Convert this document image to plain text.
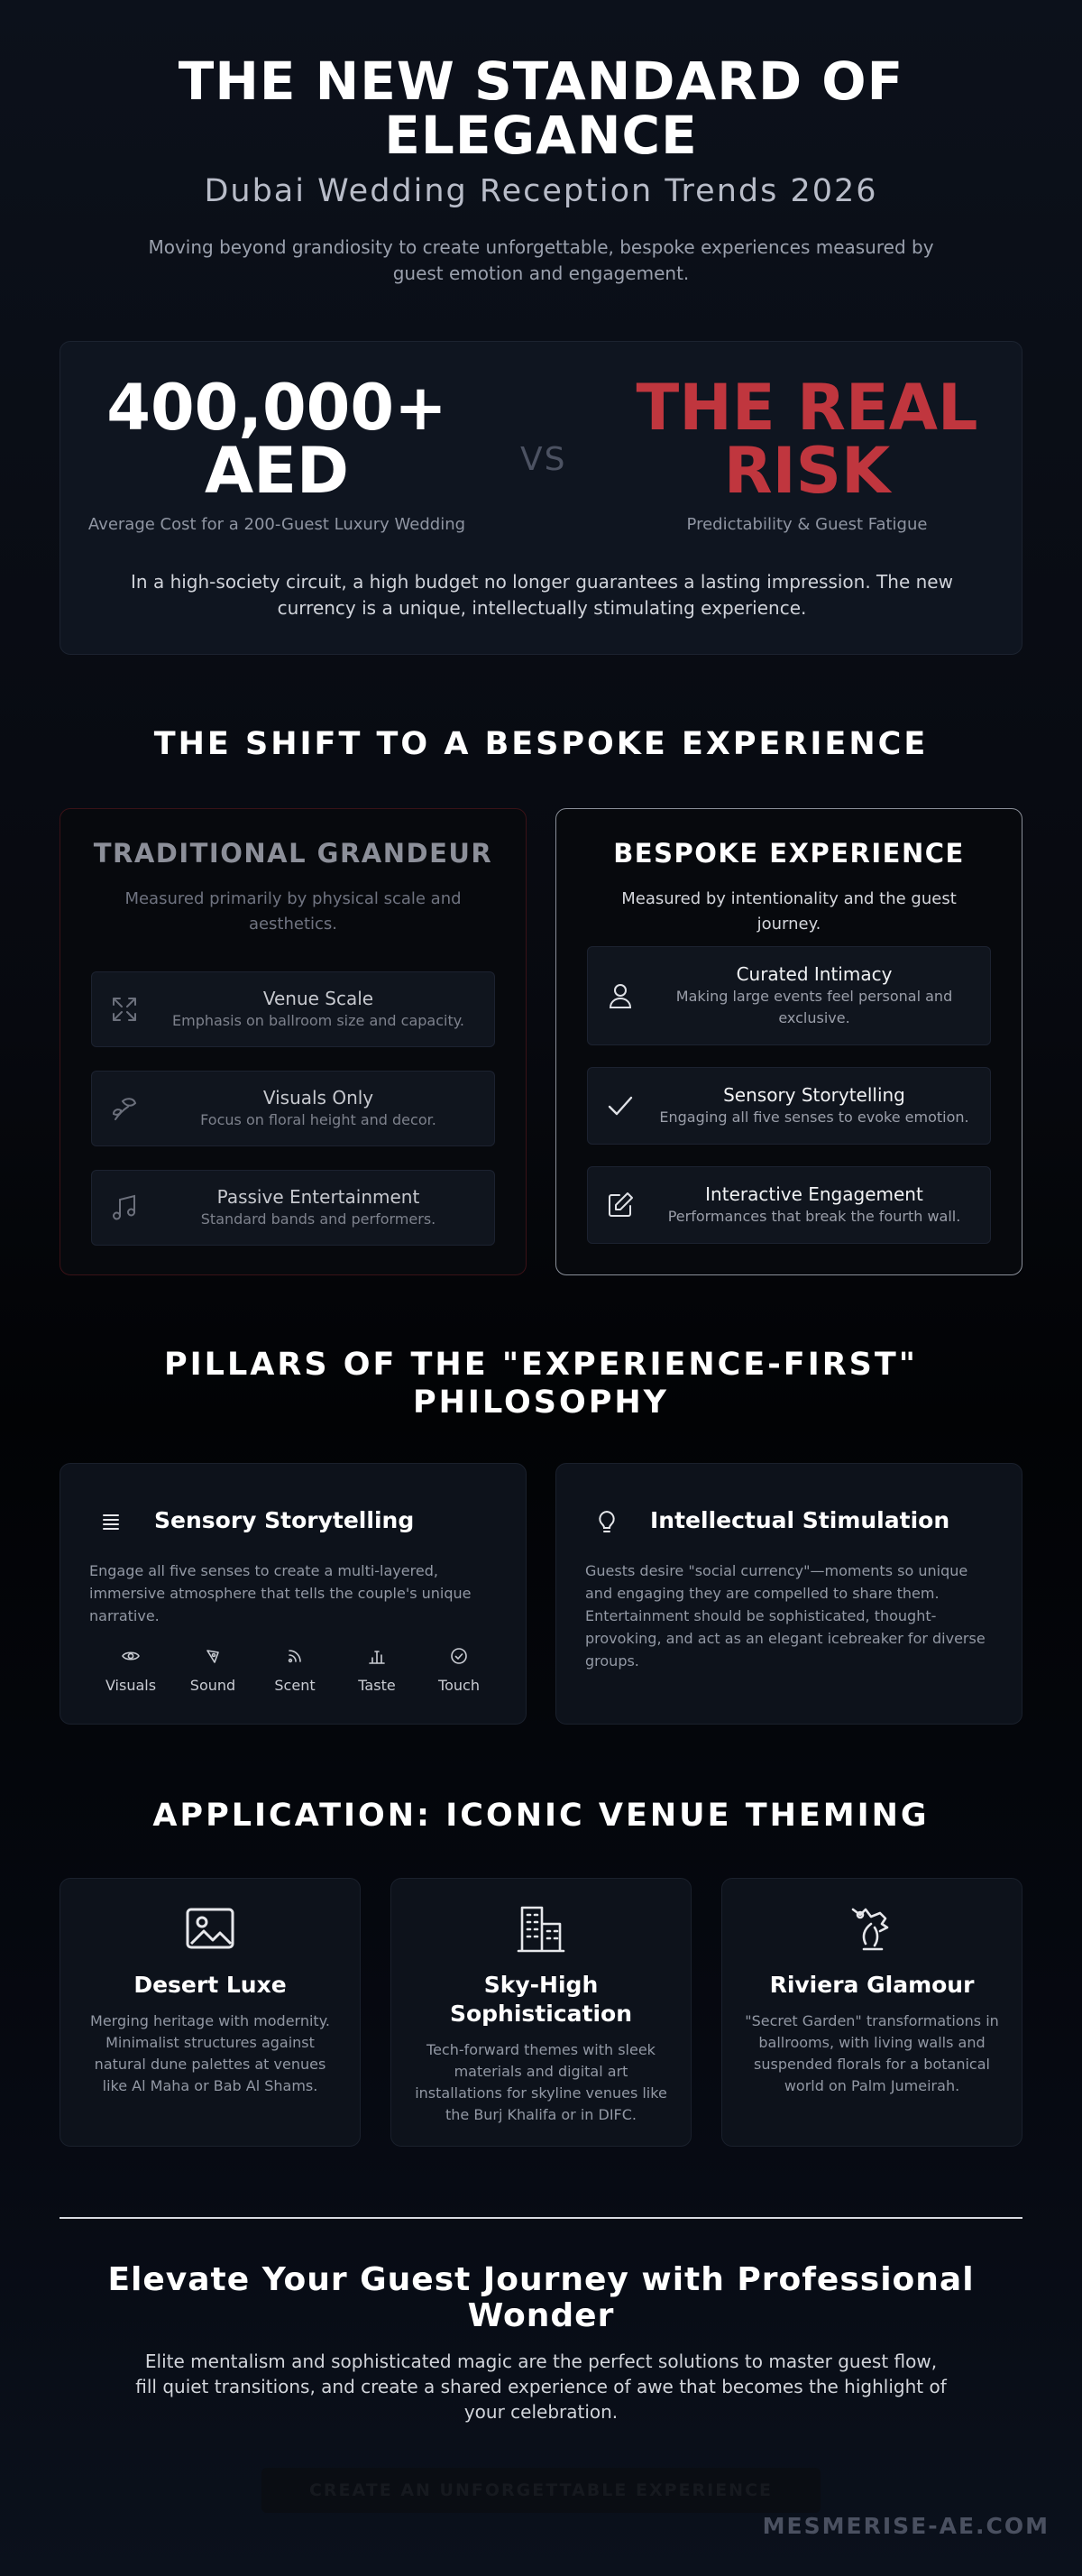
THE NEW STANDARD OF
ELEGANCE
Dubai Wedding Reception Trends 2026

Moving beyond grandiosity to create unforgettable, bespoke experiences measured by guest emotion and engagement.

400,000+
AED
Average Cost for a 200-Guest Luxury Wedding
VS
THE REAL
RISK
Predictability & Guest Fatigue

In a high-society circuit, a high budget no longer guarantees a lasting impression. The new currency is a unique, intellectually stimulating experience.

THE SHIFT TO A BESPOKE EXPERIENCE
TRADITIONAL GRANDEUR

Measured primarily by physical scale and aesthetics.

Venue Scale
Emphasis on ballroom size and capacity.
Visuals Only
Focus on floral height and decor.
Passive Entertainment
Standard bands and performers.
BESPOKE EXPERIENCE

Measured by intentionality and the guest journey.

Curated Intimacy
Making large events feel personal and exclusive.
Sensory Storytelling
Engaging all five senses to evoke emotion.
Interactive Engagement
Performances that break the fourth wall.
PILLARS OF THE "EXPERIENCE-FIRST"
PHILOSOPHY
Sensory Storytelling

Engage all five senses to create a multi-layered, immersive atmosphere that tells the couple's unique narrative.

Visuals	Sound	Scent	Taste	Touch
Intellectual Stimulation

Guests desire "social currency"—moments so unique and engaging they are compelled to share them. Entertainment should be sophisticated, thought-provoking, and act as an elegant icebreaker for diverse groups.

APPLICATION: ICONIC VENUE THEMING
Desert Luxe

Merging heritage with modernity. Minimalist structures against natural dune palettes at venues like Al Maha or Bab Al Shams.

Sky-High Sophistication

Tech-forward themes with sleek materials and digital art installations for skyline venues like the Burj Khalifa or in DIFC.

Riviera Glamour

"Secret Garden" transformations in ballrooms, with living walls and suspended florals for a botanical world on Palm Jumeirah.

Elevate Your Guest Journey with Professional
Wonder

Elite mentalism and sophisticated magic are the perfect solutions to master guest flow, fill quiet transitions, and create a shared experience of awe that becomes the highlight of your celebration.

CREATE AN UNFORGETTABLE EXPERIENCE
MESMERISE-AE.COM
